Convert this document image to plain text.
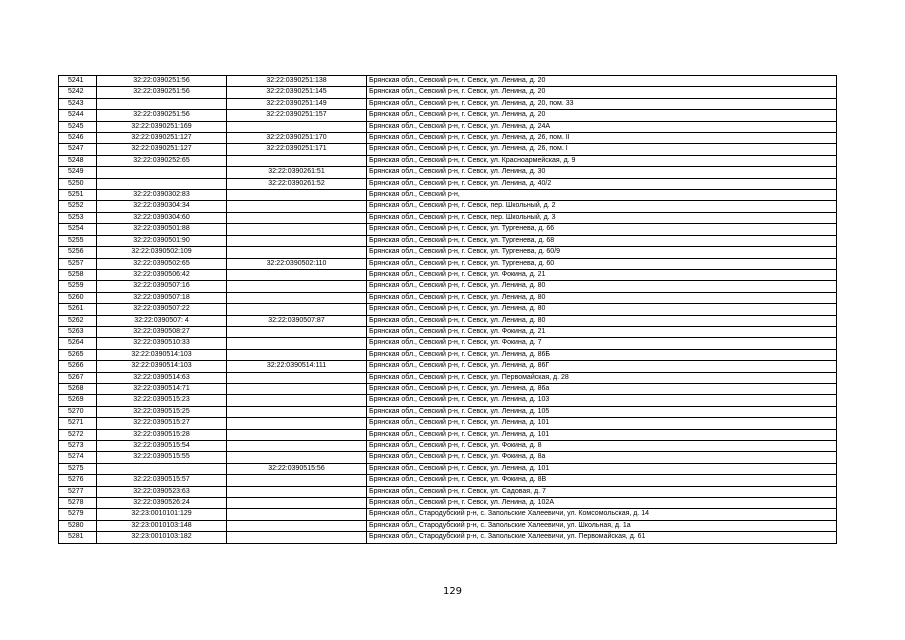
5241	32:22:0390251:56	32:22:0390251:138	Брянская обл., Севский р-н, г. Севск, ул. Ленина, д. 20
5242	32:22:0390251:56	32:22:0390251:145	Брянская обл., Севский р-н, г. Севск, ул. Ленина, д. 20
5243		32:22:0390251:149	Брянская обл., Севский р-н, г. Севск, ул. Ленина, д. 20, пом. 33
5244	32:22:0390251:56	32:22:0390251:157	Брянская обл., Севский р-н, г. Севск, ул. Ленина, д. 20
5245	32:22:0390251:169		Брянская обл., Севский р-н, г. Севск, ул. Ленина, д. 24А
5246	32:22:0390251:127	32:22:0390251:170	Брянская обл., Севский р-н, г. Севск, ул. Ленина, д. 26, пом. II
5247	32:22:0390251:127	32:22:0390251:171	Брянская обл., Севский р-н, г. Севск, ул. Ленина, д. 26, пом. I
5248	32:22:0390252:65		Брянская обл., Севский р-н, г. Севск, ул. Красноармейская, д. 9
5249		32:22:0390261:51	Брянская обл., Севский р-н, г. Севск, ул. Ленина, д. 30
5250		32:22:0390261:52	Брянская обл., Севский р-н, г. Севск, ул. Ленина, д. 40/2
5251	32:22:0390302:83		Брянская обл., Севский р-н,
5252	32:22:0390304:34		Брянская обл., Севский р-н, г. Севск, пер. Школьный, д. 2
5253	32:22:0390304:60		Брянская обл., Севский р-н, г. Севск, пер. Школьный, д. 3
5254	32:22:0390501:88		Брянская обл., Севский р-н, г. Севск, ул. Тургенева, д. 66
5255	32:22:0390501:90		Брянская обл., Севский р-н, г. Севск, ул. Тургенева, д. 68
5256	32:22:0390502:109		Брянская обл., Севский р-н, г. Севск, ул. Тургенева, д. 60/9
5257	32:22:0390502:65	32:22:0390502:110	Брянская обл., Севский р-н, г. Севск, ул. Тургенева, д. 60
5258	32:22:0390506:42		Брянская обл., Севский р-н, г. Севск, ул. Фокина, д. 21
5259	32:22:0390507:16		Брянская обл., Севский р-н, г. Севск, ул. Ленина, д. 80
5260	32:22:0390507:18		Брянская обл., Севский р-н, г. Севск, ул. Ленина, д. 80
5261	32:22:0390507:22		Брянская обл., Севский р-н, г. Севск, ул. Ленина, д. 80
5262	32:22:0390507: 4	32:22:0390507:87	Брянская обл., Севский р-н, г. Севск, ул. Ленина, д. 80
5263	32:22:0390508:27		Брянская обл., Севский р-н, г. Севск, ул. Фокина, д. 21
5264	32:22:0390510:33		Брянская обл., Севский р-н, г. Севск, ул. Фокина, д. 7
5265	32:22:0390514:103		Брянская обл., Севский р-н, г. Севск, ул. Ленина, д. 86Б
5266	32:22:0390514:103	32:22:0390514:111	Брянская обл., Севский р-н, г. Севск, ул. Ленина, д. 86Г
5267	32:22:0390514:63		Брянская обл., Севский р-н, г. Севск, ул. Первомайская, д. 28
5268	32:22:0390514:71		Брянская обл., Севский р-н, г. Севск, ул. Ленина, д. 86а
5269	32:22:0390515:23		Брянская обл., Севский р-н, г. Севск, ул. Ленина, д. 103
5270	32:22:0390515:25		Брянская обл., Севский р-н, г. Севск, ул. Ленина, д. 105
5271	32:22:0390515:27		Брянская обл., Севский р-н, г. Севск, ул. Ленина, д. 101
5272	32:22:0390515:28		Брянская обл., Севский р-н, г. Севск, ул. Ленина, д. 101
5273	32:22:0390515:54		Брянская обл., Севский р-н, г. Севск, ул. Фокина, д. 8
5274	32:22:0390515:55		Брянская обл., Севский р-н, г. Севск, ул. Фокина, д. 8а
5275		32:22:0390515:56	Брянская обл., Севский р-н, г. Севск, ул. Ленина, д. 101
5276	32:22:0390515:57		Брянская обл., Севский р-н, г. Севск, ул. Фокина, д. 8В
5277	32:22:0390523:63		Брянская обл., Севский р-н, г. Севск, ул. Садовая, д. 7
5278	32:22:0390526:24		Брянская обл., Севский р-н, г. Севск, ул. Ленина, д. 102А
5279	32:23:0010101:129		Брянская обл., Стародубский р-н, с. Запольские Халеевичи, ул. Комсомольская, д. 14
5280	32:23:0010103:148		Брянская обл., Стародубский р-н, с. Запольские Халеевичи, ул. Школьная, д. 1а
5281	32:23:0010103:182		Брянская обл., Стародубский р-н, с. Запольские Халеевичи, ул. Первомайская, д. 61
129
